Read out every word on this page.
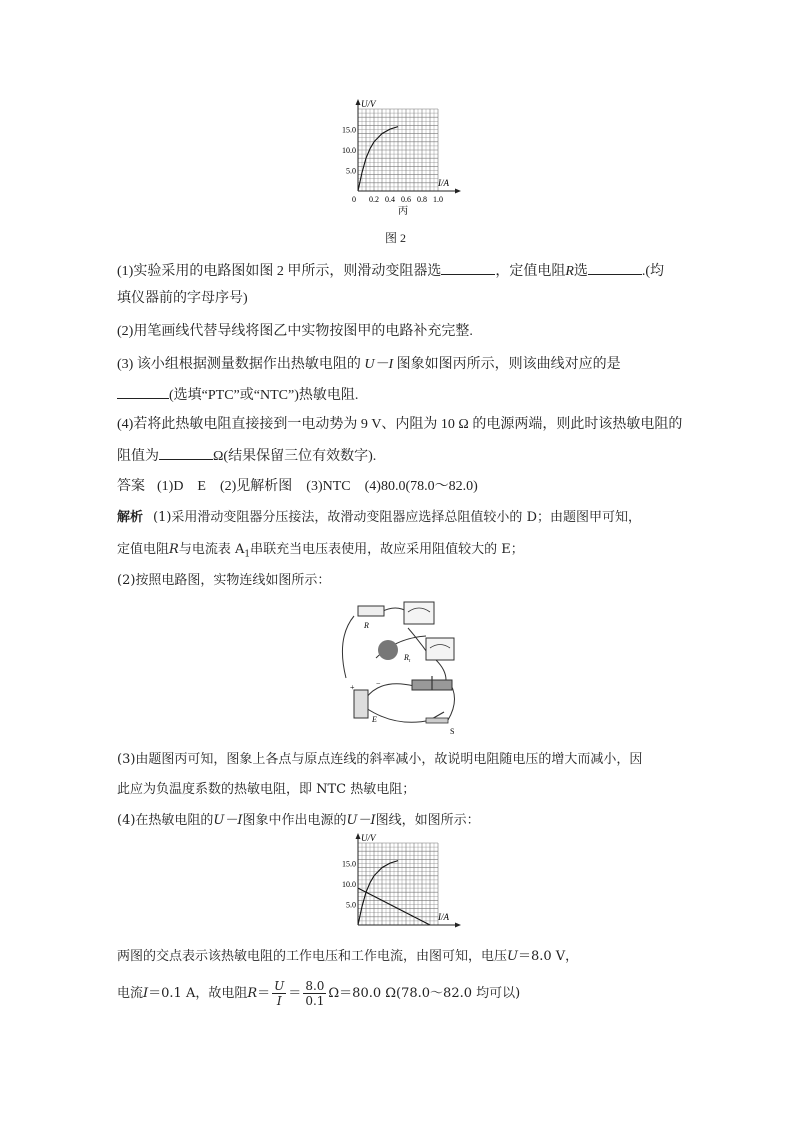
U/V
I/A
15.0
10.0
5.0
0 0.2 0.4 0.6 0.8 1.0
丙
图 2
(1)实验采用的电路图如图 2 甲所示，则滑动变阻器选	，定值电阻R选	.(均
填仪器前的字母序号)
(2)用笔画线代替导线将图乙中实物按图甲的电路补充完整.
(3) 该小组根据测量数据作出热敏电阻的 U－I 图象如图丙所示，则该曲线对应的是
(选填“PTC”或“NTC”)热敏电阻.
(4)若将此热敏电阻直接接到一电动势为 9 V、内阻为 10 Ω 的电源两端，则此时该热敏电阻的
阻值为	Ω(结果保留三位有效数字).
答案 (1)D　E　(2)见解析图　(3)NTC　(4)80.0(78.0～82.0)
解析 (1)采用滑动变阻器分压接法，故滑动变阻器应选择总阻值较小的 D；由题图甲可知，
定值电阻R与电流表 $A_1$串联充当电压表使用，故应采用阻值较大的 E；
(2)按照电路图，实物连线如图所示：
R
$R_t$
+	−
E
S
(3)由题图丙可知，图象上各点与原点连线的斜率减小，故说明电阻随电压的增大而减小，因
此应为负温度系数的热敏电阻，即 NTC 热敏电阻；
(4)在热敏电阻的U－I图象中作出电源的U－I图线，如图所示：
U/V
I/A
15.0
10.0
5.0
两图的交点表示该热敏电阻的工作电压和工作电流，由图可知，电压U＝8.0 V，
电流I＝0.1 A，故电阻$R= \frac{U}{I} = \frac{8.0}{0.1} \Omega=80.0$ Ω(78.0～82.0 均可以)
